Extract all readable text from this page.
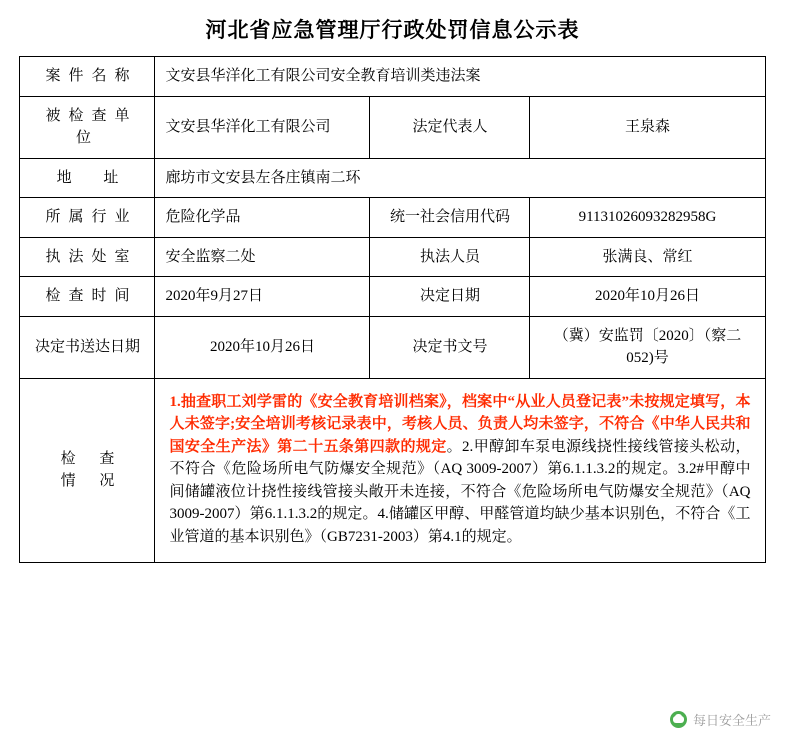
河北省应急管理厅行政处罚信息公示表
案件名称	文安县华洋化工有限公司安全教育培训类违法案		
被检查单位	文安县华洋化工有限公司	法定代表人	王泉森
地 址	廊坊市文安县左各庄镇南二环		
所属行业	危险化学品	统一社会信用代码	91131026093282958G
执法处室	安全监察二处	执法人员	张满良、常红
检查时间	2020年9月27日	决定日期	2020年10月26日
决定书送达日期	2020年10月26日	决定书文号	（冀）安监罚〔2020〕（察二052)号

检 查
情 况	1.抽查职工刘学雷的《安全教育培训档案》，档案中“从业人员登记表”未按规定填写，本人未签字;安全培训考核记录表中，考核人员、负责人均未签字，不符合《中华人民共和国安全生产法》第二十五条第四款的规定。2.甲醇卸车泵电源线挠性接线管接头松动，不符合《危险场所电气防爆安全规范》（AQ 3009-2007）第6.1.1.3.2的规定。3.2#甲醇中间储罐液位计挠性接线管接头敞开未连接，不符合《危险场所电气防爆安全规范》（AQ 3009-2007）第6.1.1.3.2的规定。4.储罐区甲醇、甲醛管道均缺少基本识别色，不符合《工业管道的基本识别色》（GB7231-2003）第4.1的规定。		
每日安全生产
